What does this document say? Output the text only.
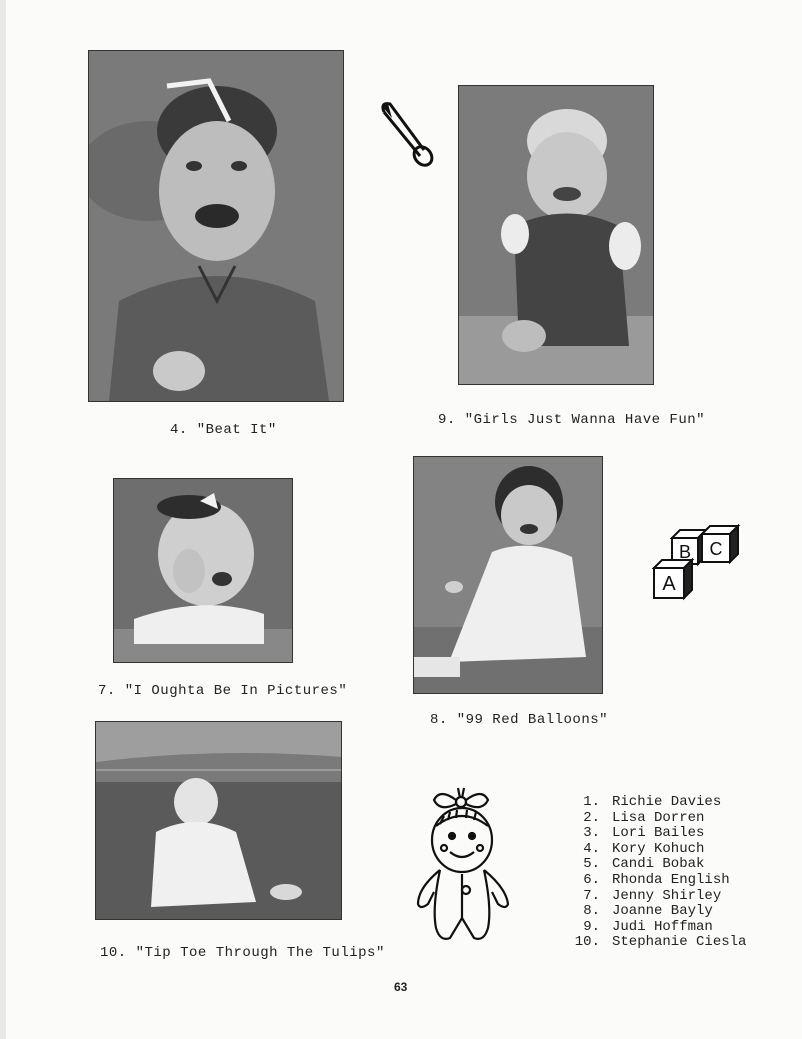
4. "Beat It"
9. "Girls Just Wanna Have Fun"
7. "I Oughta Be In Pictures"
8. "99 Red Balloons"
B C
A
10. "Tip Toe Through The Tulips"
1. Richie Davies
2. Lisa Dorren
3. Lori Bailes
4. Kory Kohuch
5. Candi Bobak
6. Rhonda English
7. Jenny Shirley
8. Joanne Bayly
9. Judi Hoffman
10. Stephanie Ciesla
63
